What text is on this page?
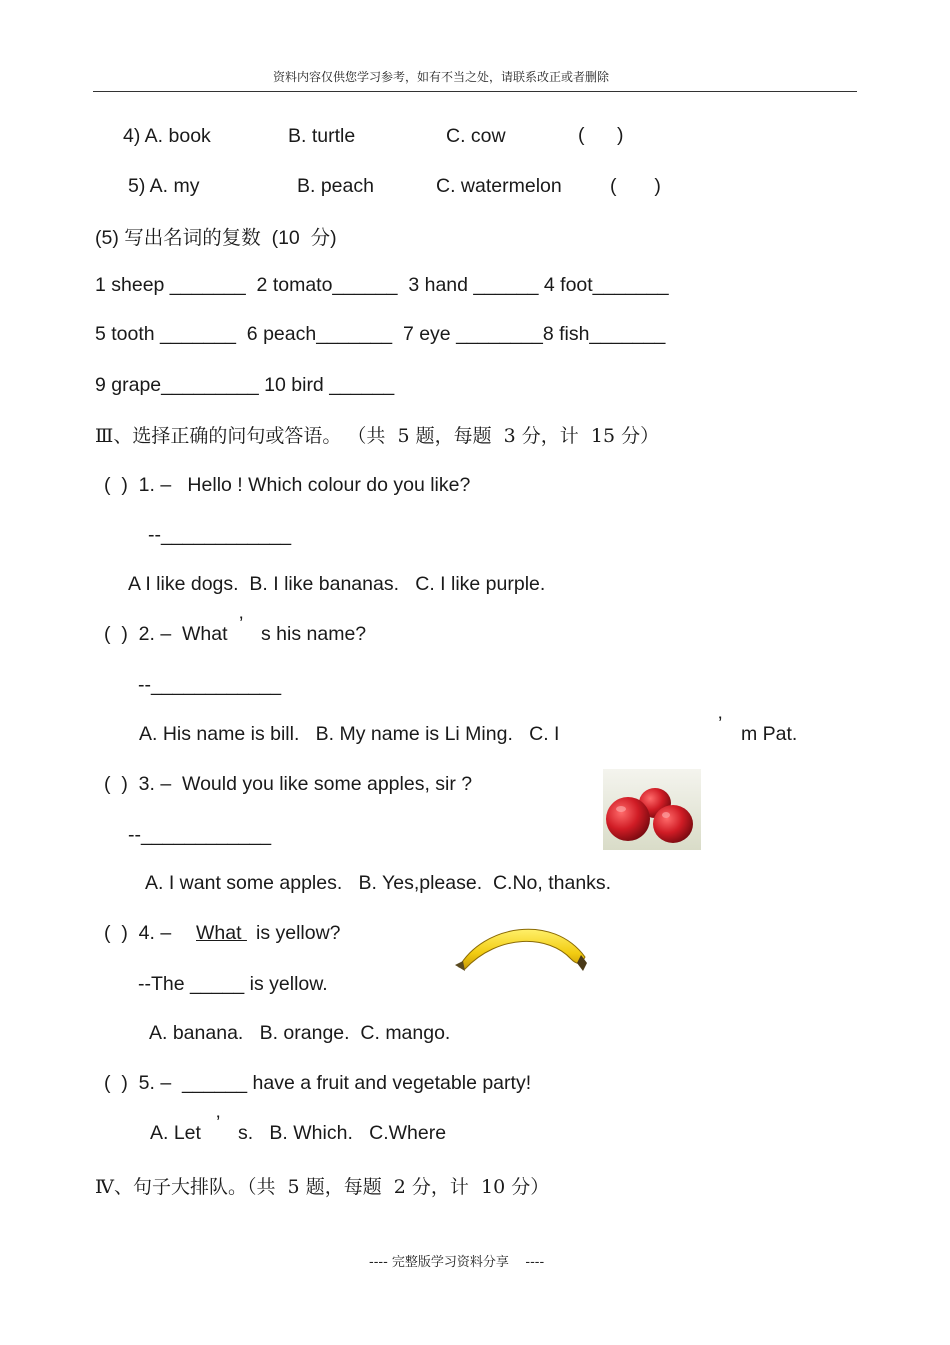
资料内容仅供您学习参考，如有不当之处，请联系改正或者删除
4) A. book	B. turtle	C. cow	(      )
5) A. my	B. peach	C. watermelon (       )
(5) 写出名词的复数  (10  分)
1 sheep _______  2 tomato______  3 hand ______ 4 foot_______
5 tooth _______  6 peach_______  7 eye ________8 fish_______
9 grape_________ 10 bird ______
Ⅲ、选择正确的问句或答语。 （共  5 题，每题  3 分，计  15 分）
(  )  1. –   Hello ! Which colour do you like?
--____________
A I like dogs.  B. I like bananas.   C. I like purple.
(  )  2. –  What ’ s his name?
--____________
A. His name is bill.   B. My name is Li Ming.   C. I	’ m Pat.
(  )  3. –  Would you like some apples, sir ?
--____________
A. I want some apples.   B. Yes,please.  C.No, thanks.
(  )  4. – What is yellow?
--The _____ is yellow.
A. banana.   B. orange.  C. mango.
(  )  5. –  ______ have a fruit and vegetable party!
A. Let ’ s.   B. Which.   C.Where
Ⅳ、句子大排队。（共  5 题，每题  2 分，计  10 分）
---- 完整版学习资料分享    ----
